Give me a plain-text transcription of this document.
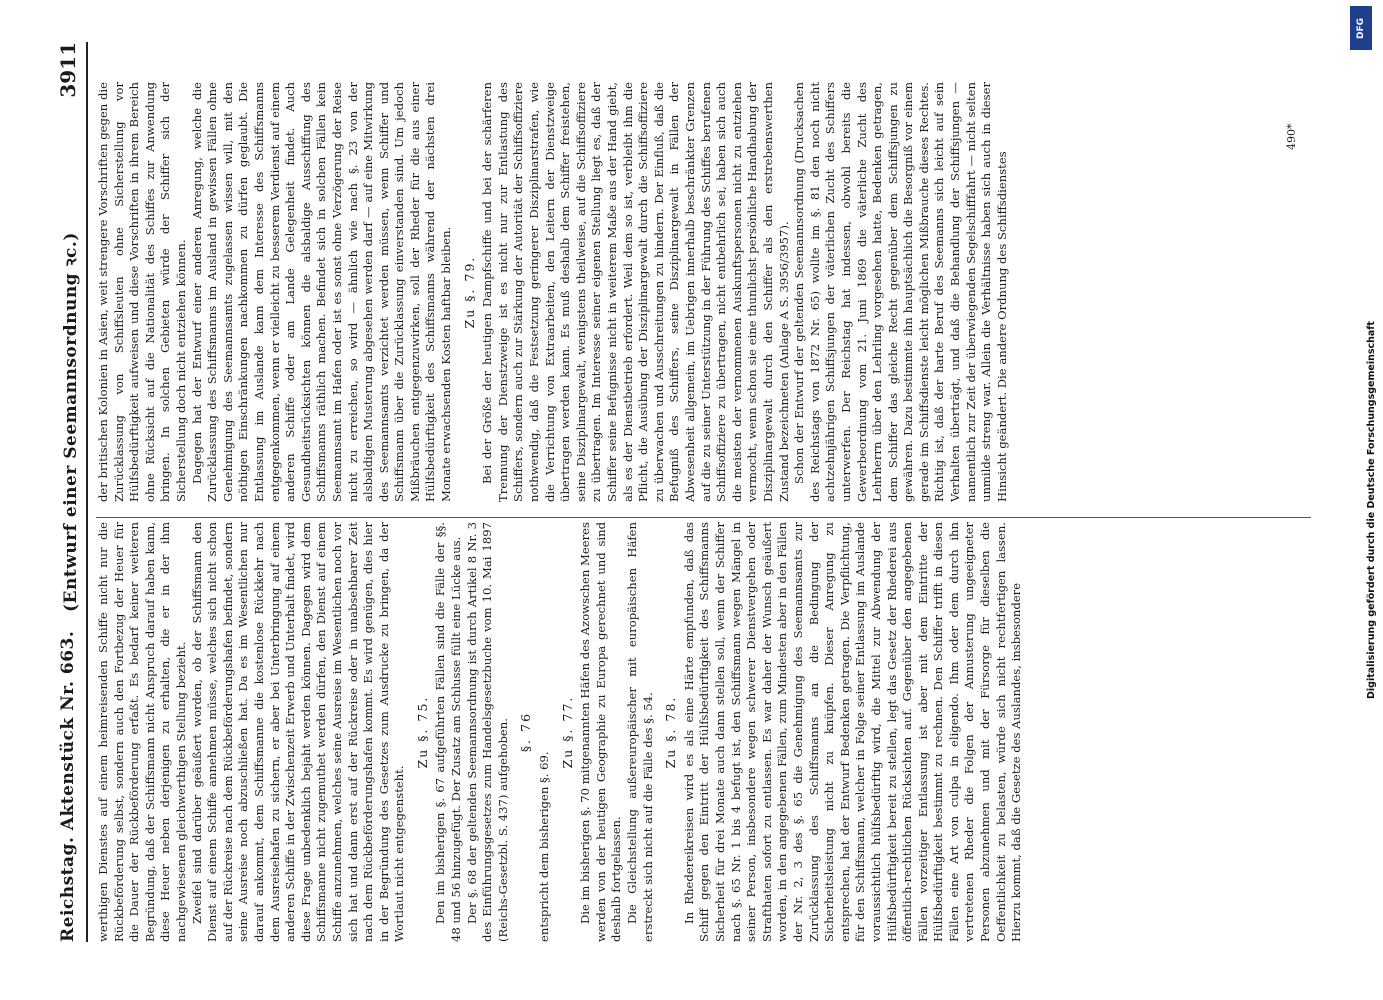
Reichstag. Aktenstück Nr. 663.
(Entwurf einer Seemannsordnung ꝛc.)
3911

werthigen Dienstes auf einem heimreisenden Schiffe nicht nur die Rückbeförderung selbst, sondern auch den Fortbezug der Heuer für die Dauer der Rückbeförderung erfaßt. Es bedarf keiner weiteren Begründung, daß der Schiffsmann nicht Anspruch darauf haben kann, diese Heuer neben derjenigen zu erhalten, die er in der ihm nachgewiesenen gleichwerthigen Stellung bezieht. Zweifel sind darüber geäußert worden, ob der Schiffsmann den Dienst auf einem Schiffe annehmen müsse, welches sich nicht schon auf der Rückreise nach dem Rückbeförderungshafen befindet, sondern seine Ausreise noch abzuschließen hat. Da es im Wesentlichen nur darauf ankommt, dem Schiffsmanne die kostenlose Rückkehr nach dem Ausreisehafen zu sichern, er aber bei Unterbringung auf einem anderen Schiffe in der Zwischenzeit Erwerb und Unterhalt findet, wird diese Frage unbedenklich bejaht werden können. Dagegen wird dem Schiffsmanne nicht zugemuthet werden dürfen, den Dienst auf einem Schiffe anzunehmen, welches seine Ausreise im Wesentlichen noch vor sich hat und dann erst auf der Rückreise oder in unabsehbarer Zeit nach dem Rückbeförderungshafen kommt. Es wird genügen, dies hier in der Begründung des Gesetzes zum Ausdrucke zu bringen, da der Wortlaut nicht entgegensteht.

Zu §. 75. Den im bisherigen §. 67 aufgeführten Fällen sind die Fälle der §§. 48 und 56 hinzugefügt. Der Zusatz am Schlusse füllt eine Lücke aus. Der §. 68 der geltenden Seemannsordnung ist durch Artikel 8 Nr. 3 des Einführungsgesetzes zum Handelsgesetzbuche vom 10. Mai 1897 (Reichs-Gesetzbl. S. 437) aufgehoben. §. 76

entspricht dem bisherigen §. 69.

Zu §. 77. Die im bisherigen §. 70 mitgenannten Häfen des Azowschen Meeres werden von der heutigen Geographie zu Europa gerechnet und sind deshalb fortgelassen. Die Gleichstellung außereuropäischer mit europäischen Häfen erstreckt sich nicht auf die Fälle des §. 54. Zu §. 78. In Rhedereikreisen wird es als eine Härte empfunden, daß das Schiff gegen den Eintritt der Hülfsbedürftigkeit des Schiffsmanns Sicherheit für drei Monate auch dann stellen soll, wenn der Schiffer nach §. 65 Nr. 1 bis 4 befugt ist, den Schiffsmann wegen Mängel in seiner Person, insbesondere wegen schwerer Dienstvergehen oder Strafthaten sofort zu entlassen. Es war daher der Wunsch geäußert worden, in den angegebenen Fällen, zum Mindesten aber in den Fällen der Nr. 2, 3 des §. 65 die Genehmigung des Seemannsamts zur Zurücklassung des Schiffsmanns an die Bedingung der Sicherheitsleistung nicht zu knüpfen. Dieser Anregung zu entsprechen, hat der Entwurf Bedenken getragen. Die Verpflichtung, für den Schiffsmann, welcher in Folge seiner Entlassung im Auslande voraussichtlich hülfsbedürftig wird, die Mittel zur Abwendung der Hülfsbedürftigkeit bereit zu stellen, legt das Gesetz der Rhederei aus öffentlich-rechtlichen Rücksichten auf. Gegenüber den angegebenen Fällen vorzeitiger Entlassung ist aber mit dem Eintritte der Hülfsbedürftigkeit bestimmt zu rechnen. Den Schiffer trifft in diesen Fällen eine Art von culpa in eligendo. Ihm oder dem durch ihn vertretenen Rheder die Folgen der Annusterung ungeeigneter Personen abzunehmen und mit der Fürsorge für dieselben die Oeffentlichkeit zu belasten, würde sich nicht rechtfertigen lassen. Hierzu kommt, daß die Gesetze des Auslandes, insbesondere

der britischen Kolonien in Asien, weit strengere Vorschriften gegen die Zurücklassung von Schiffsleuten ohne Sicherstellung vor Hülfsbedürftigkeit aufweisen und diese Vorschriften in ihrem Bereich ohne Rücksicht auf die Nationalität des Schiffes zur Anwendung bringen. In solchen Gebieten würde der Schiffer sich der Sicherstellung doch nicht entziehen können. Dagegen hat der Entwurf einer anderen Anregung, welche die Zurücklassung des Schiffsmanns im Ausland in gewissen Fällen ohne Genehmigung des Seemannsamts zugelassen wissen will, mit den nöthigen Einschränkungen nachkommen zu dürfen geglaubt. Die Entlassung im Auslande kann dem Interesse des Schiffsmanns entgegenkommen, wenn er vielleicht zu besserem Verdienst auf einem anderen Schiffe oder am Lande Gelegenheit findet. Auch Gesundheitsrücksichten können die alsbaldige Ausschiffung des Schiffsmanns räthlich machen. Befindet sich in solchen Fällen kein Seemannsamt im Hafen oder ist es sonst ohne Verzögerung der Reise nicht zu erreichen, so wird — ähnlich wie nach §. 23 von der alsbaldigen Musterung abgesehen werden darf — auf eine Mitwirkung des Seemannsamts verzichtet werden müssen, wenn Schiffer und Schiffsmann über die Zurücklassung einverstanden sind. Um jedoch Mißbräuchen entgegenzuwirken, soll der Rheder für die aus einer Hülfsbedürftigkeit des Schiffsmanns während der nächsten drei Monate erwachsenden Kosten haftbar bleiben. Zu §. 79. Bei der Größe der heutigen Dampfschiffe und bei der schärferen Trennung der Dienstzweige ist es nicht nur zur Entlastung des Schiffers, sondern auch zur Stärkung der Autorität der Schiffsoffiziere nothwendig, daß die Festsetzung geringerer Disziplinarstrafen, wie die Verrichtung von Extraarbeiten, den Leitern der Dienstzweige übertragen werden kann. Es muß deshalb dem Schiffer freistehen, seine Disziplinargewalt, wenigstens theilweise, auf die Schiffsoffiziere zu übertragen. Im Interesse seiner eigenen Stellung liegt es, daß der Schiffer seine Befugnisse nicht in weiterem Maße aus der Hand giebt, als es der Dienstbetrieb erfordert. Weil dem so ist, verbleibt ihm die Pflicht, die Ausübung der Disziplinargewalt durch die Schiffsoffiziere zu überwachen und Ausschreitungen zu hindern. Der Einfluß, daß die Befugniß des Schiffers, seine Disziplinargewalt in Fällen der Abwesenheit allgemein, im Uebrigen innerhalb beschränkter Grenzen auf die zu seiner Unterstützung in der Führung des Schiffes berufenen Schiffsoffiziere zu übertragen, nicht entbehrlich sei, haben sich auch die meisten der vernommenen Auskunftspersonen nicht zu entziehen vermocht, wenn schon sie eine thunlichst persönliche Handhabung der Disziplinargewalt durch den Schiffer als den erstrebenswerthen Zustand bezeichneten (Anlage A S. 3956/3957). Schon der Entwurf der geltenden Seemannsordnung (Drucksachen des Reichstags von 1872 Nr. 65) wollte im §. 81 den noch nicht achtzehnjährigen Schiffsjungen der väterlichen Zucht des Schiffers unterwerfen. Der Reichstag hat indessen, obwohl bereits die Gewerbeordnung vom 21. Juni 1869 die väterliche Zucht des Lehrherrn über den Lehrling vorgesehen hatte, Bedenken getragen, dem Schiffer das gleiche Recht gegenüber dem Schiffsjungen zu gewähren. Dazu bestimmte ihn hauptsächlich die Besorgniß vor einem gerade im Schiffsdienste leicht möglichen Mißbrauche dieses Rechtes. Richtig ist, daß der harte Beruf des Seemanns sich leicht auf sein Verhalten überträgt, und daß die Behandlung der Schiffsjungen — namentlich zur Zeit der überwiegenden Segelschifffahrt — nicht selten unmilde streng war. Allein die Verhältnisse haben sich auch in dieser Hinsicht geändert. Die andere Ordnung des Schiffsdienstes

490*
DFG
Digitalisierung gefördert durch die Deutsche Forschungsgemeinschaft
